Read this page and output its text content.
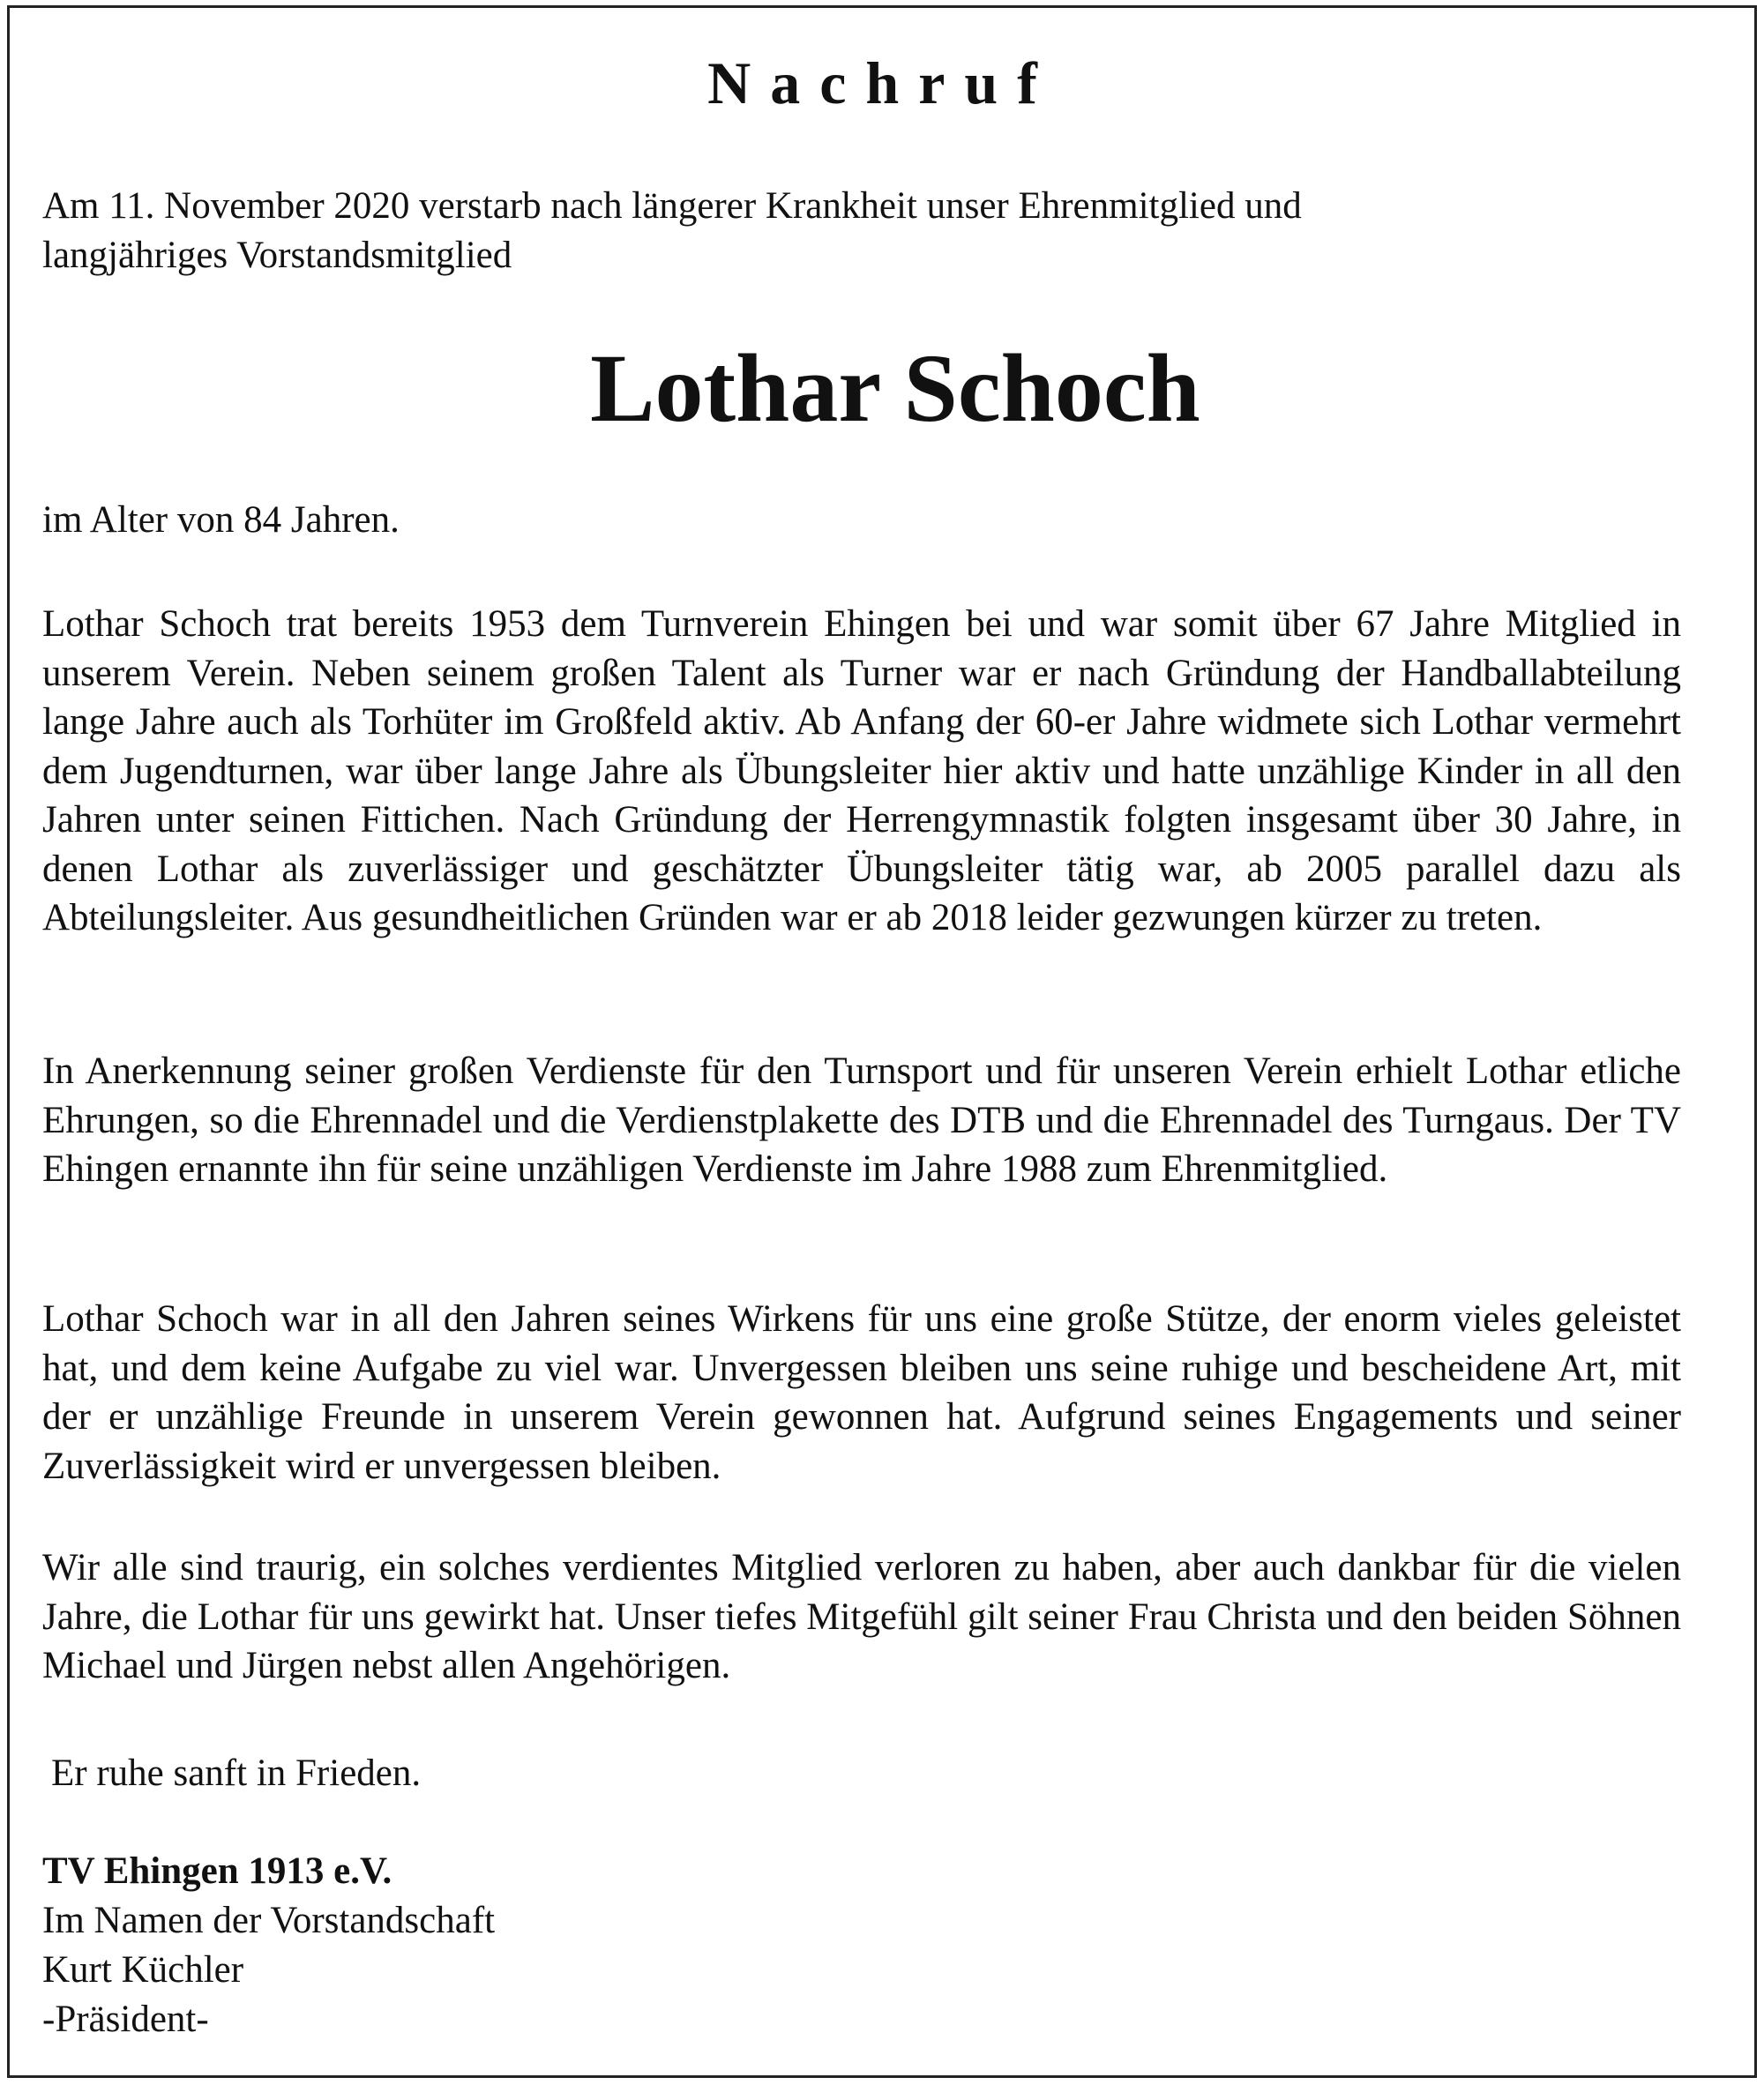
Nachruf
Am 11. November 2020 verstarb nach längerer Krankheit unser Ehrenmitglied und
langjähriges Vorstandsmitglied
Lothar Schoch
im Alter von 84 Jahren.
Lothar Schoch trat bereits 1953 dem Turnverein Ehingen bei und war somit über 67 Jahre Mitglied in unserem Verein. Neben seinem großen Talent als Turner war er nach Gründung der Handballabteilung lange Jahre auch als Torhüter im Großfeld aktiv. Ab Anfang der 60-er Jahre widmete sich Lothar vermehrt dem Jugendturnen, war über lange Jahre als Übungsleiter hier aktiv und hatte unzählige Kinder in all den Jahren unter seinen Fittichen. Nach Gründung der Herrengymnastik folgten insgesamt über 30 Jahre, in denen Lothar als zuverlässiger und geschätzter Übungsleiter tätig war, ab 2005 parallel dazu als Abteilungsleiter. Aus gesundheitlichen Gründen war er ab 2018 leider gezwungen kürzer zu treten.
In Anerkennung seiner großen Verdienste für den Turnsport und für unseren Verein erhielt Lothar etliche Ehrungen, so die Ehrennadel und die Verdienstplakette des DTB und die Ehrennadel des Turngaus. Der TV Ehingen ernannte ihn für seine unzähligen Verdienste im Jahre 1988 zum Ehrenmitglied.
Lothar Schoch war in all den Jahren seines Wirkens für uns eine große Stütze, der enorm vieles geleistet hat, und dem keine Aufgabe zu viel war. Unvergessen bleiben uns seine ruhige und bescheidene Art, mit der er unzählige Freunde in unserem Verein gewonnen hat. Aufgrund seines Engagements und seiner Zuverlässigkeit wird er unvergessen bleiben.
Wir alle sind traurig, ein solches verdientes Mitglied verloren zu haben, aber auch dankbar für die vielen Jahre, die Lothar für uns gewirkt hat. Unser tiefes Mitgefühl gilt seiner Frau Christa und den beiden Söhnen Michael und Jürgen nebst allen Angehörigen.
Er ruhe sanft in Frieden.
TV Ehingen 1913 e.V.
Im Namen der Vorstandschaft
Kurt Küchler
-Präsident-
